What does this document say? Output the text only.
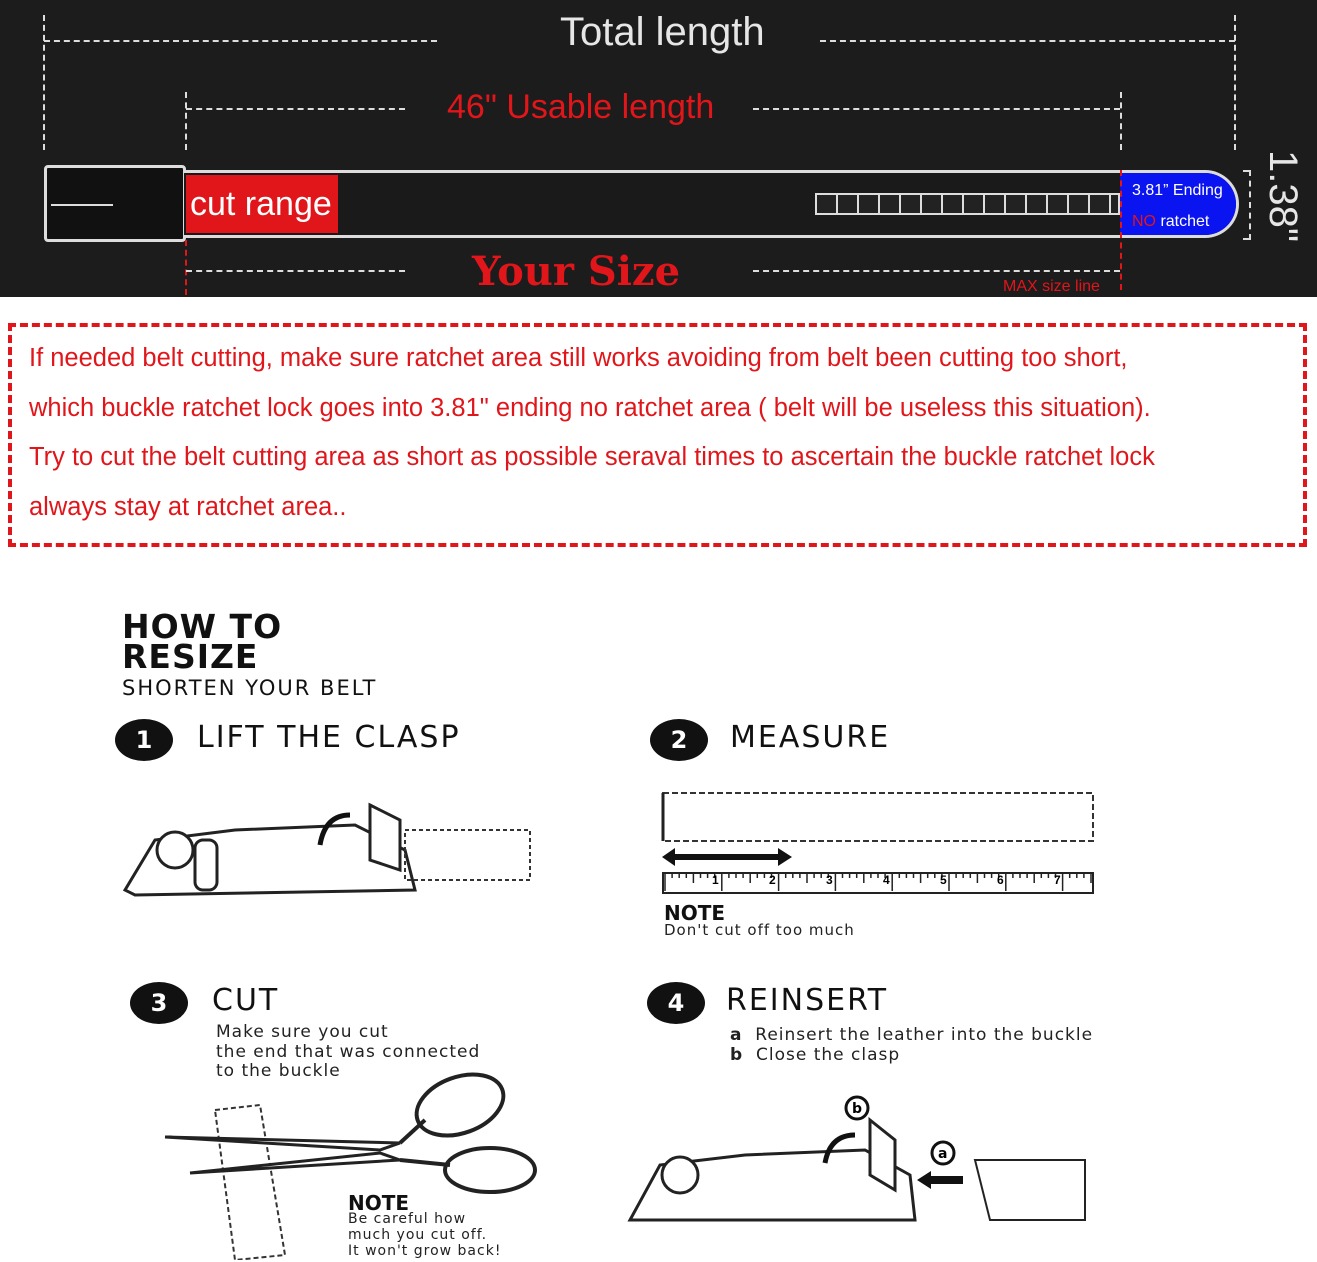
Total length
46" Usable length
cut range	3.81” Ending
NO ratchet 1.38"
Your Size	MAX size line
If needed belt cutting, make sure ratchet area still works avoiding from belt been cutting too short,
which buckle ratchet lock goes into 3.81" ending no ratchet area ( belt will be useless this situation).
Try to cut the belt cutting area as short as possible seraval times to ascertain the buckle ratchet lock
always stay at ratchet area..
HOW TO
RESIZE
SHORTEN YOUR BELT
1	LIFT THE CLASP	2	MEASURE
1	2	3	4	5	6	7
NOTE
Don't cut off too much
3	CUT
Make sure you cut
the end that was connected
to the buckle
NOTE
Be careful how
much you cut off.
It won't grow back!
4	REINSERT
a Reinsert the leather into the buckle
b Close the clasp
b
a
